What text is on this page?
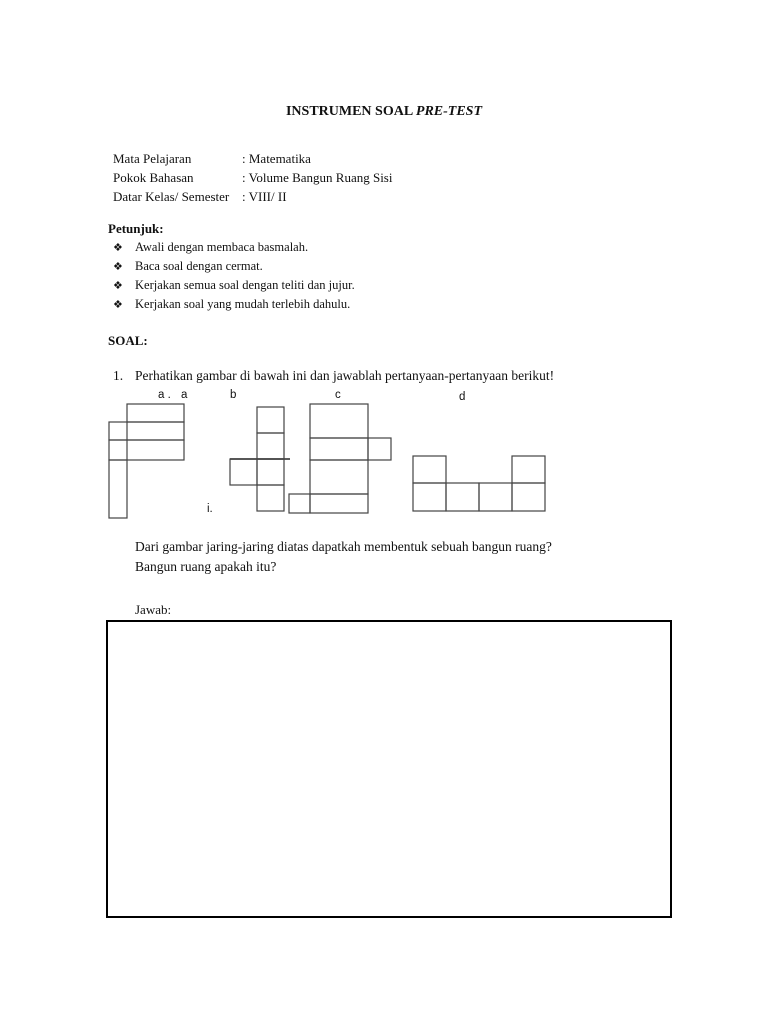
INSTRUMEN SOAL PRE-TEST
Mata Pelajaran	: Matematika
Pokok Bahasan	: Volume Bangun Ruang Sisi
Datar Kelas/ Semester : VIII/ II
Petunjuk:
❖ Awali dengan membaca basmalah.
❖ Baca soal dengan cermat.
❖ Kerjakan semua soal dengan teliti dan jujur.
❖ Kerjakan soal yang mudah terlebih dahulu.
SOAL:
1. Perhatikan gambar di bawah ini dan jawablah pertanyaan-pertanyaan berikut!
a . a	b	c	d
i.
Dari gambar jaring-jaring diatas dapatkah membentuk sebuah bangun ruang?
Bangun ruang apakah itu?
Jawab:
